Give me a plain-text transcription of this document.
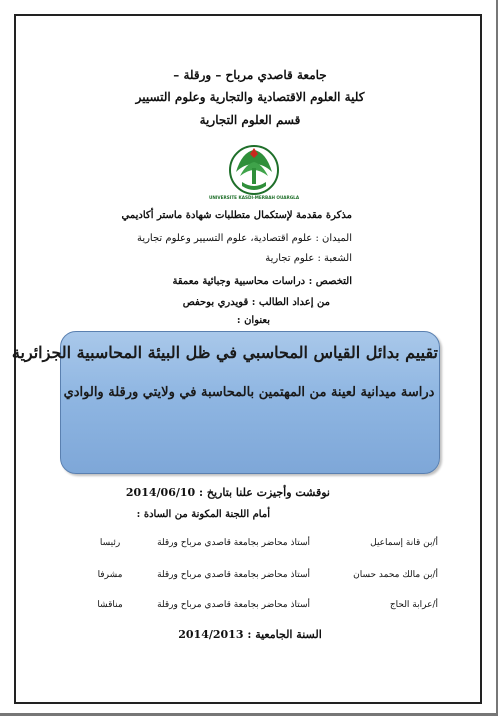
جامعة قاصدي مرباح – ورقلة –
كلية العلوم الاقتصادية والتجارية وعلوم التسيير
قسم العلوم التجارية
UNIVERSITE KASDI-MERBAH OUARGLA
مذكرة مقدمة لإستكمال متطلبات شهادة ماستر أكاديمي
الميدان : علوم اقتصادية، علوم التسيير وعلوم تجارية
الشعبة : علوم تجارية
التخصص : دراسات محاسبية وجبائية معمقة
من إعداد الطالب : قويدري بوحفص
بعنوان :
تقييم بدائل القياس المحاسبي في ظل البيئة المحاسبية الجزائرية
دراسة ميدانية لعينة من المهتمين بالمحاسبة في ولايتي ورقلة والوادي
نوقشت وأجيزت علنا بتاريخ : 2014/06/10
أمام اللجنة المكونة من السادة :
أ/بن قانة إسماعيل
أستاذ محاضر بجامعة قاصدي مرباح ورقلة
رئيسا
أ/بن مالك محمد حسان
أستاذ محاضر بجامعة قاصدي مرباح ورقلة
مشرفا
أ/عرابة الحاج
أستاذ محاضر بجامعة قاصدي مرباح ورقلة
مناقشا
السنة الجامعية : 2014/2013
